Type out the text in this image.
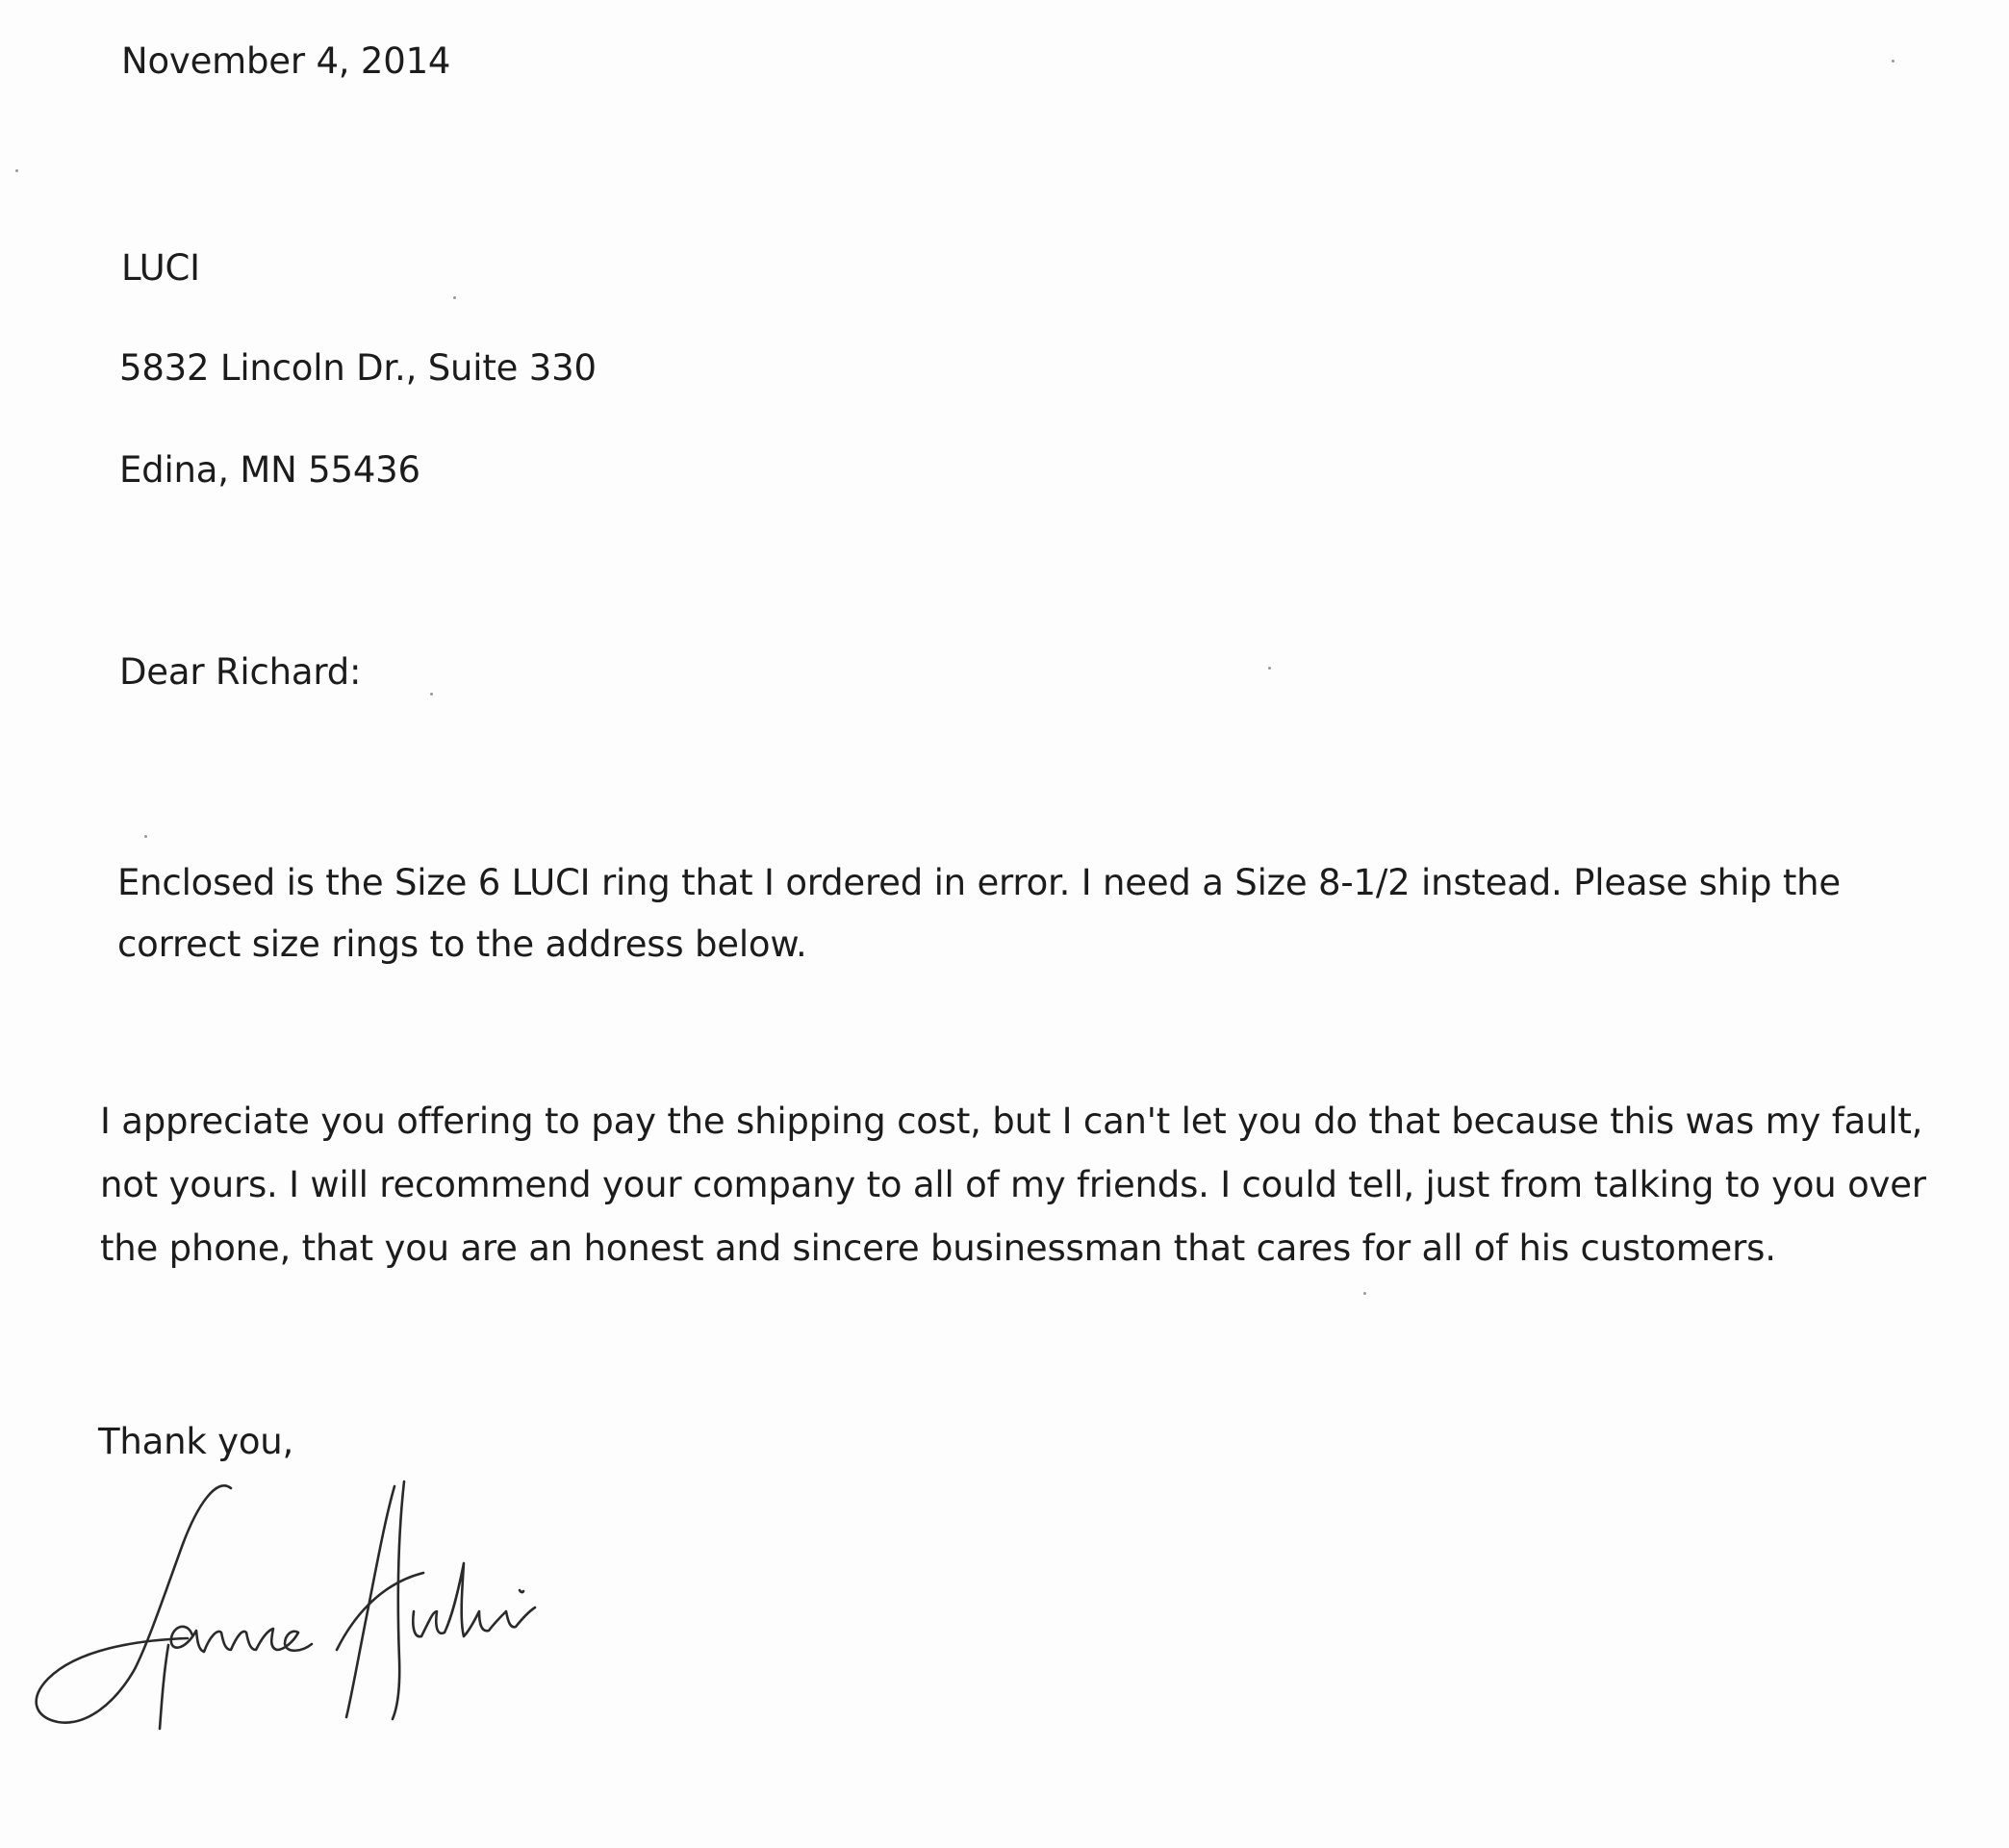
November 4, 2014

LUCI

5832 Lincoln Dr., Suite 330

Edina, MN 55436

Dear Richard:

Enclosed is the Size 6 LUCI ring that I ordered in error. I need a Size 8-1/2 instead. Please ship the
correct size rings to the address below.
I appreciate you offering to pay the shipping cost, but I can't let you do that because this was my fault,
not yours. I will recommend your company to all of my friends. I could tell, just from talking to you over
the phone, that you are an honest and sincere businessman that cares for all of his customers.

Thank you,
